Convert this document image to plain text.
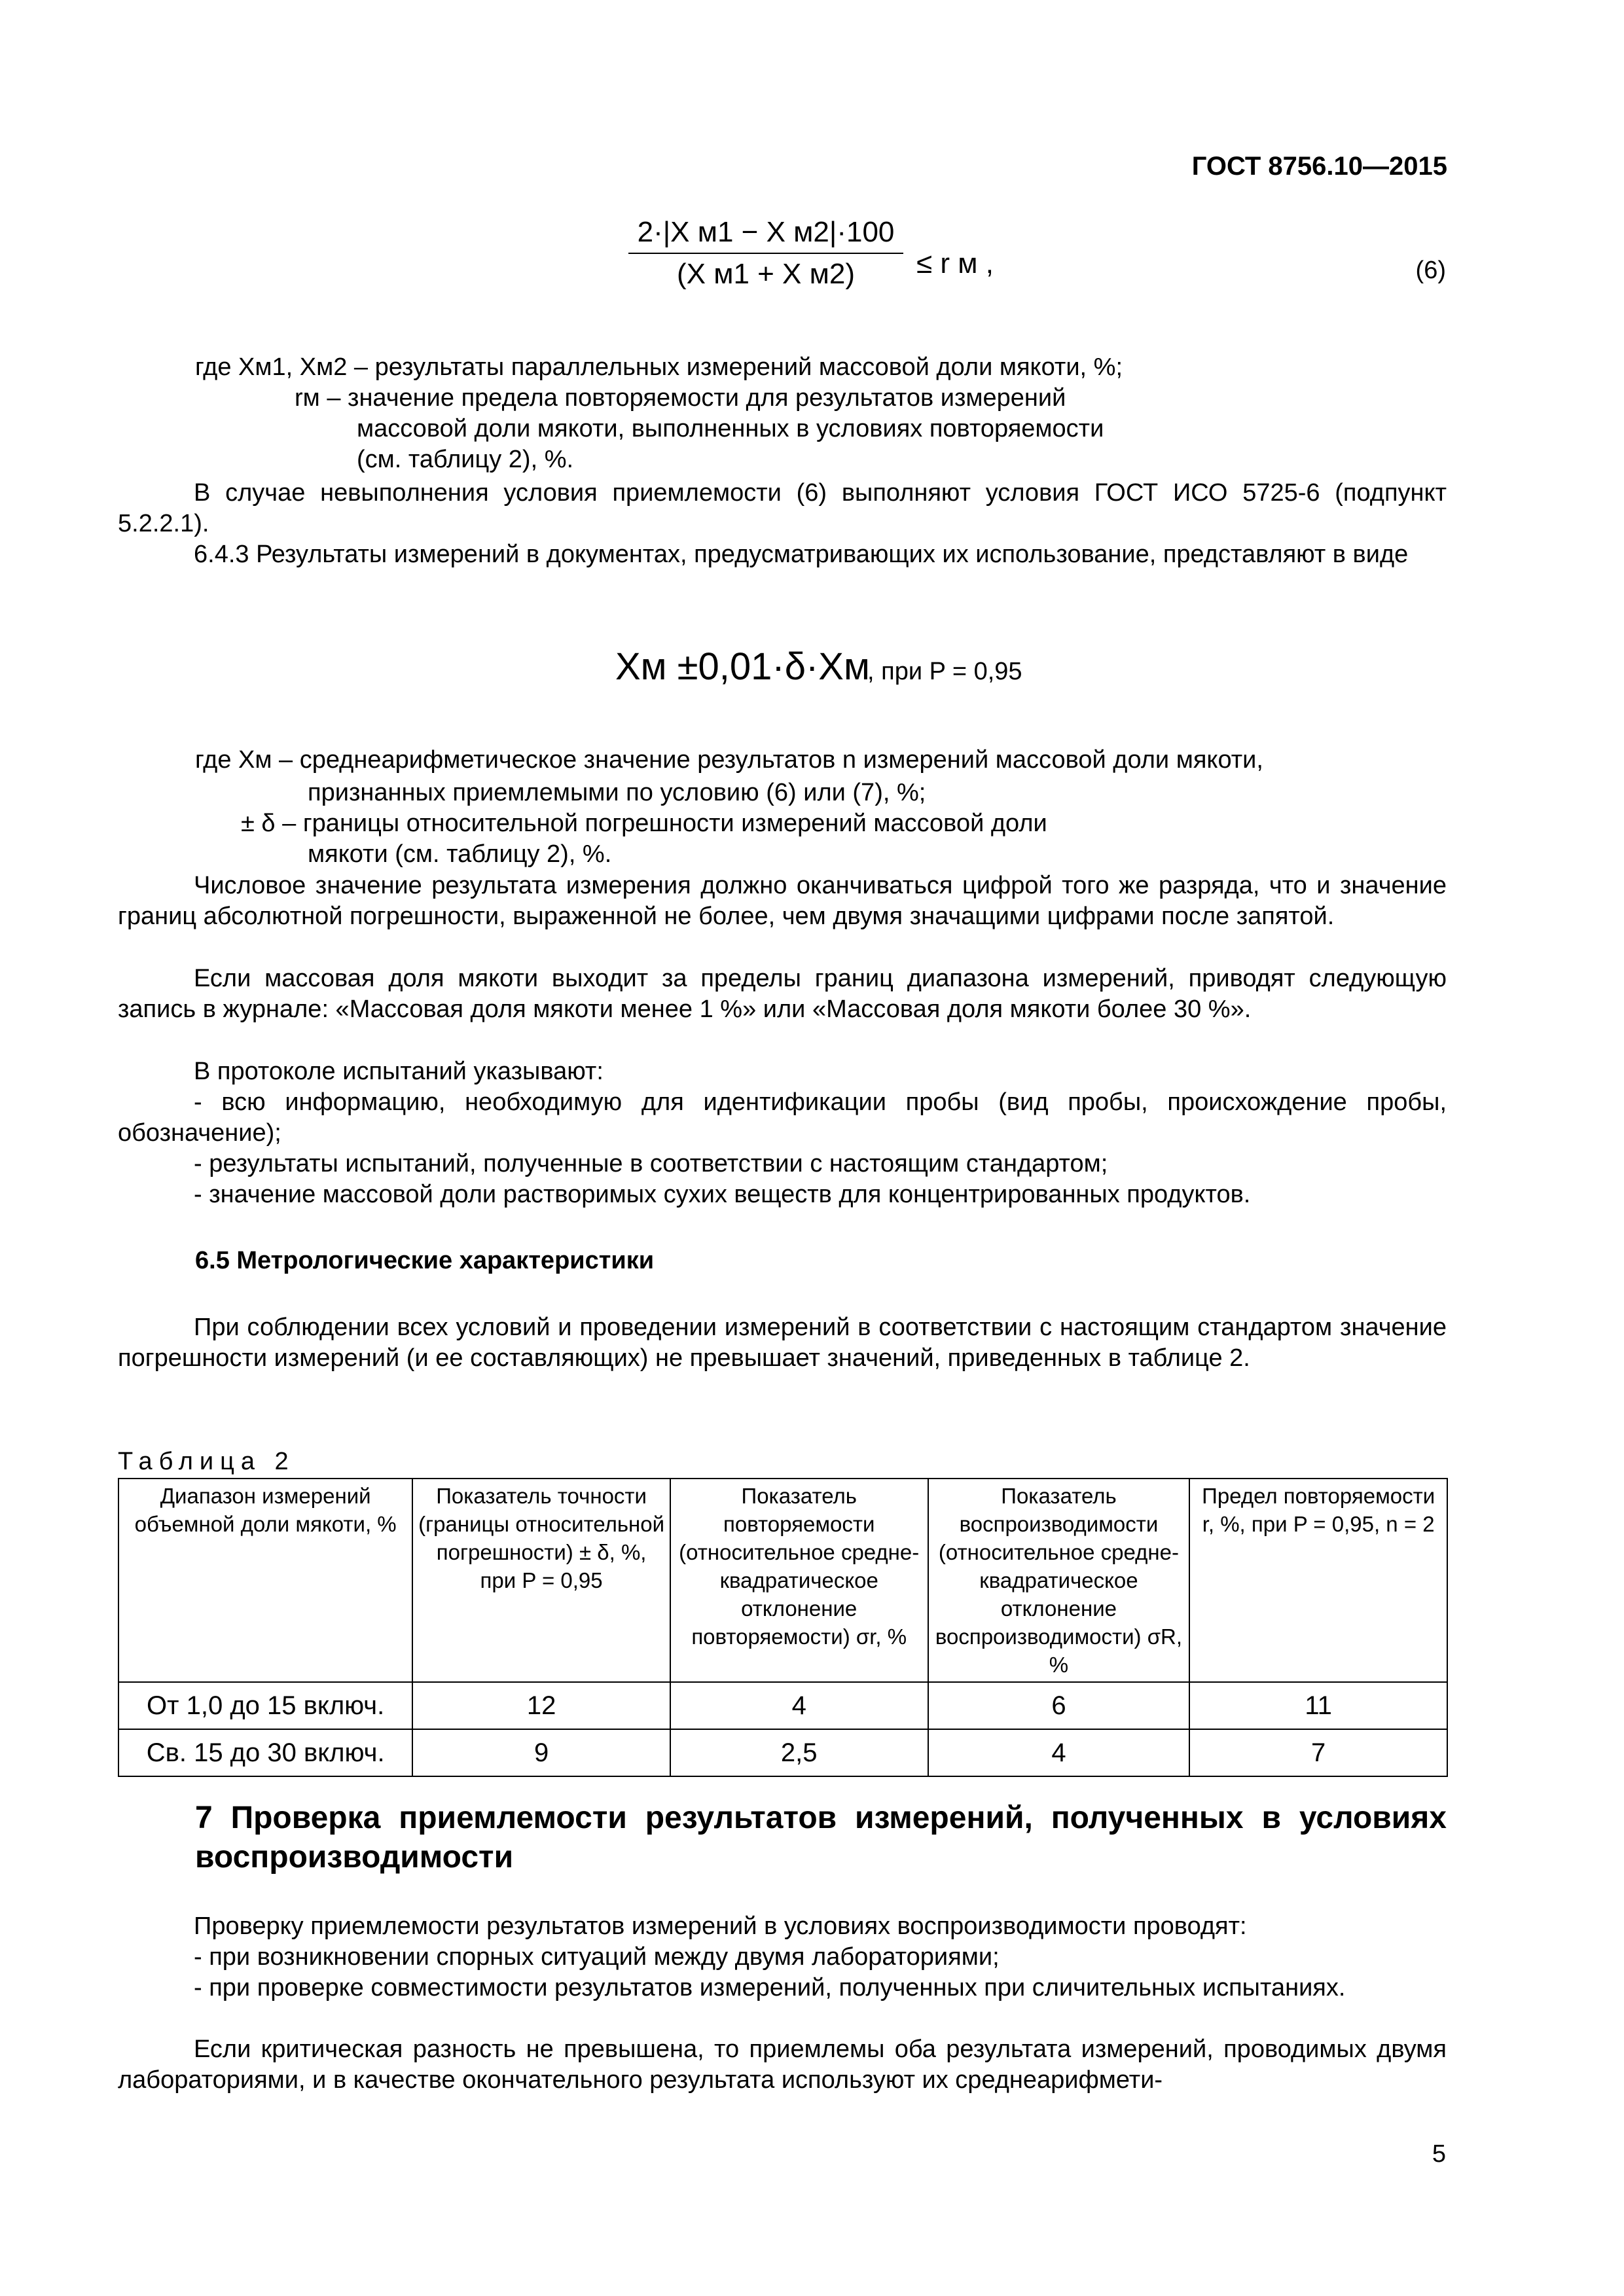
ГОСТ 8756.10—2015
2·|X м1 − X м2|·100
(X м1 + X м2)	≤ r м ,	(6)
где Xм1, Xм2 – результаты параллельных измерений массовой доли мякоти, %;
rм – значение предела повторяемости для результатов измерений
массовой доли мякоти, выполненных в условиях повторяемости
(см. таблицу 2), %.
В случае невыполнения условия приемлемости (6) выполняют условия ГОСТ ИСО 5725-6 (подпункт 5.2.2.1).
6.4.3 Результаты измерений в документах, предусматривающих их использование, представляют в виде
Xм ±0,01·δ·Xм
, при P = 0,95
где Xм – среднеарифметическое значение результатов n измерений массовой доли мякоти,
признанных приемлемыми по условию (6) или (7), %;
± δ – границы относительной погрешности измерений массовой доли
мякоти (см. таблицу 2), %.
Числовое значение результата измерения должно оканчиваться цифрой того же разряда, что и значение границ абсолютной погрешности, выраженной не более, чем двумя значащими цифрами после запятой.
Если массовая доля мякоти выходит за пределы границ диапазона измерений, приводят следующую запись в журнале: «Массовая доля мякоти менее 1 %» или «Массовая доля мякоти более 30 %».
В протоколе испытаний указывают:
- всю информацию, необходимую для идентификации пробы (вид пробы, происхождение пробы, обозначение);
- результаты испытаний, полученные в соответствии с настоящим стандартом;
- значение массовой доли растворимых сухих веществ для концентрированных продуктов.
6.5 Метрологические характеристики
При соблюдении всех условий и проведении измерений в соответствии с настоящим стандартом значение погрешности измерений (и ее составляющих) не превышает значений, приведенных в таблице 2.
Таблица 2
Диапазон измерений объемной доли мякоти, %	Показатель точности (границы относительной погрешности) ± δ, %, при P = 0,95	Показатель повторяемости (относительное средне-квадратическое отклонение повторяемости) σr, %	Показатель воспроизводимости (относительное средне-квадратическое отклонение воспроизводимости) σR, %	Предел повторяемости r, %, при P = 0,95, n = 2
От 1,0 до 15 включ.	12	4	6	11
Св. 15 до 30 включ.	9	2,5	4	7
7 Проверка приемлемости результатов измерений, полученных в условиях воспроизводимости
Проверку приемлемости результатов измерений в условиях воспроизводимости проводят:
- при возникновении спорных ситуаций между двумя лабораториями;
- при проверке совместимости результатов измерений, полученных при сличительных испытаниях.
Если критическая разность не превышена, то приемлемы оба результата измерений, проводимых двумя лабораториями, и в качестве окончательного результата используют их среднеарифмети-
5
